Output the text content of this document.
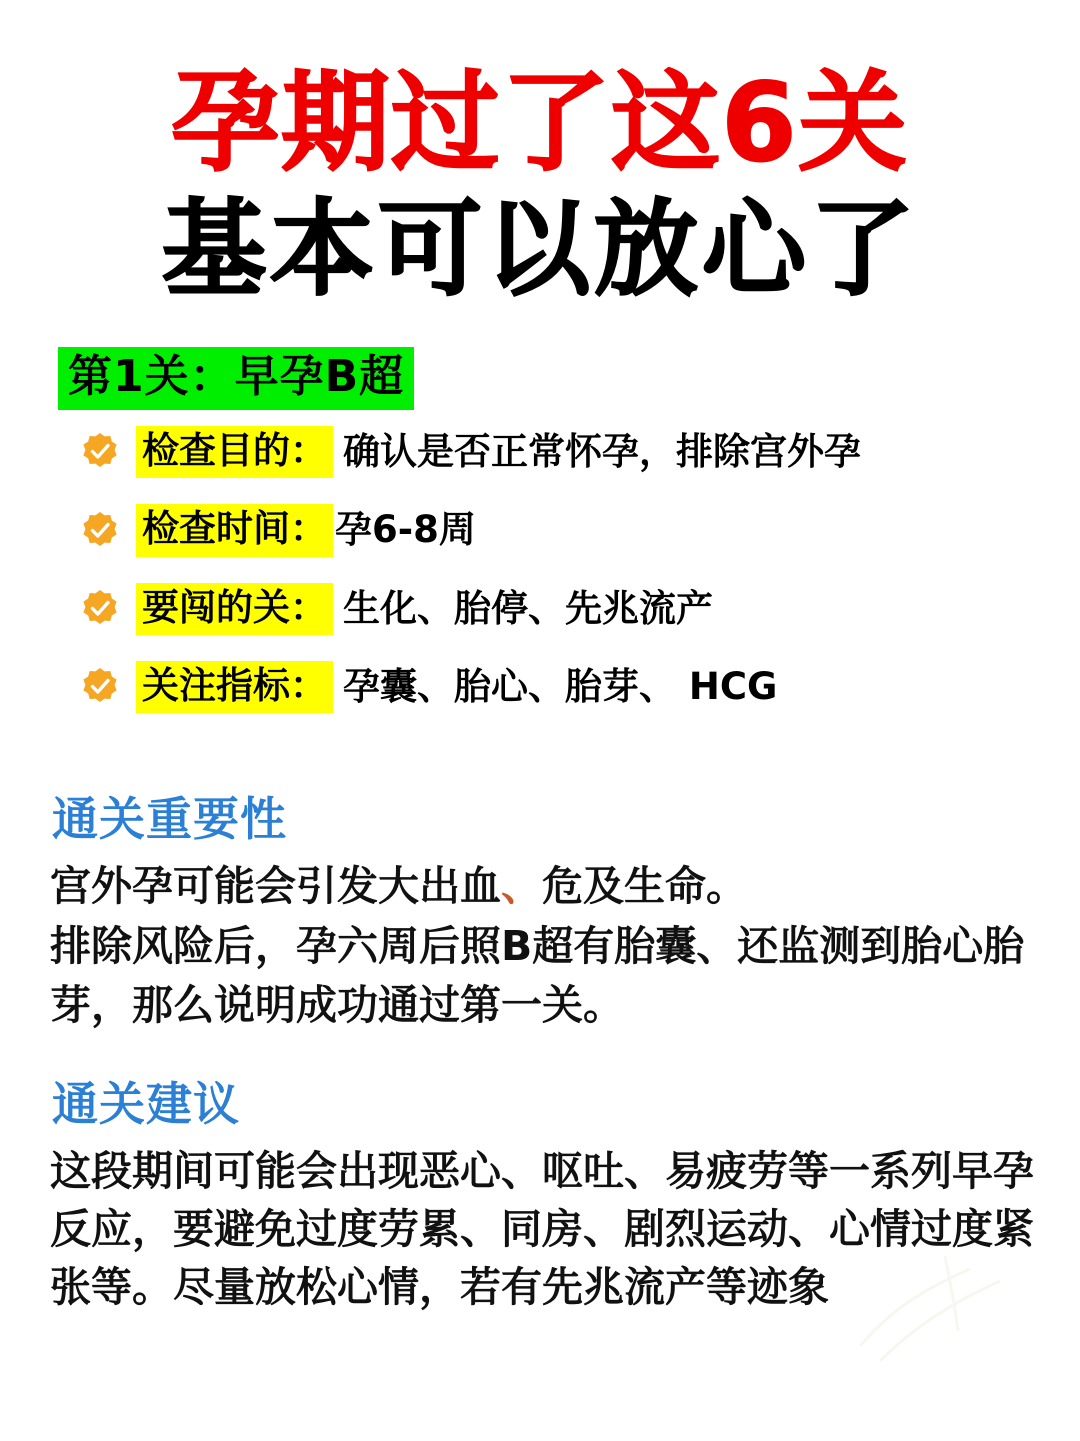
孕期过了这6关
基本可以放心了
第1关：早孕B超
检查目的： 确认是否正常怀孕，排除宫外孕
检查时间： 孕6-8周
要闯的关： 生化、胎停、先兆流产
关注指标： 孕囊、胎心、胎芽、 HCG
通关重要性
宫外孕可能会引发大出血、危及生命。
排除风险后，孕六周后照B超有胎囊、还监测到胎心胎芽，那么说明成功通过第一关。
通关建议
这段期间可能会出现恶心、呕吐、易疲劳等一系列早孕反应，要避免过度劳累、同房、剧烈运动、心情过度紧张等。尽量放松心情，若有先兆流产等迹象
